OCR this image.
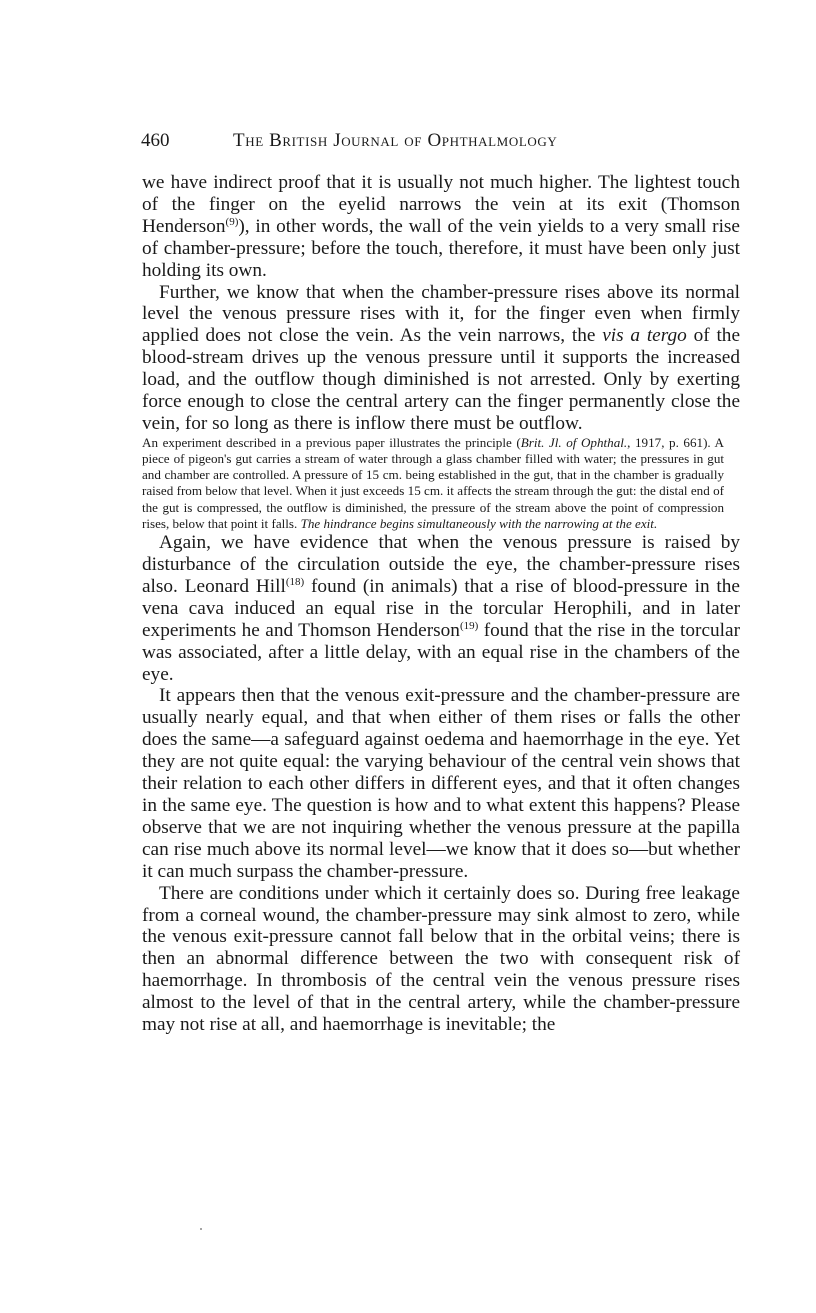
460	The British Journal of Ophthalmology

we have indirect proof that it is usually not much higher. The lightest touch of the finger on the eyelid narrows the vein at its exit (Thomson Henderson$^{(9)}$), in other words, the wall of the vein yields to a very small rise of chamber-pressure; before the touch, therefore, it must have been only just holding its own.

Further, we know that when the chamber-pressure rises above its normal level the venous pressure rises with it, for the finger even when firmly applied does not close the vein. As the vein narrows, the vis a tergo of the blood-stream drives up the venous pressure until it supports the increased load, and the outflow though diminished is not arrested. Only by exerting force enough to close the central artery can the finger permanently close the vein, for so long as there is inflow there must be outflow.

An experiment described in a previous paper illustrates the principle (Brit. Jl. of Ophthal., 1917, p. 661). A piece of pigeon's gut carries a stream of water through a glass chamber filled with water; the pressures in gut and chamber are controlled. A pressure of 15 cm. being established in the gut, that in the chamber is gradually raised from below that level. When it just exceeds 15 cm. it affects the stream through the gut: the distal end of the gut is compressed, the outflow is diminished, the pressure of the stream above the point of compression rises, below that point it falls. The hindrance begins simultaneously with the narrowing at the exit.

Again, we have evidence that when the venous pressure is raised by disturbance of the circulation outside the eye, the chamber-pressure rises also. Leonard Hill$^{(18)}$ found (in animals) that a rise of blood-pressure in the vena cava induced an equal rise in the torcular Herophili, and in later experiments he and Thomson Henderson$^{(19)}$ found that the rise in the torcular was associated, after a little delay, with an equal rise in the chambers of the eye.

It appears then that the venous exit-pressure and the chamber-pressure are usually nearly equal, and that when either of them rises or falls the other does the same—a safeguard against oedema and haemorrhage in the eye. Yet they are not quite equal: the varying behaviour of the central vein shows that their relation to each other differs in different eyes, and that it often changes in the same eye. The question is how and to what extent this happens? Please observe that we are not inquiring whether the venous pressure at the papilla can rise much above its normal level—we know that it does so—but whether it can much surpass the chamber-pressure.

There are conditions under which it certainly does so. During free leakage from a corneal wound, the chamber-pressure may sink almost to zero, while the venous exit-pressure cannot fall below that in the orbital veins; there is then an abnormal difference between the two with consequent risk of haemorrhage. In thrombosis of the central vein the venous pressure rises almost to the level of that in the central artery, while the chamber-pressure may not rise at all, and haemorrhage is inevitable; the
